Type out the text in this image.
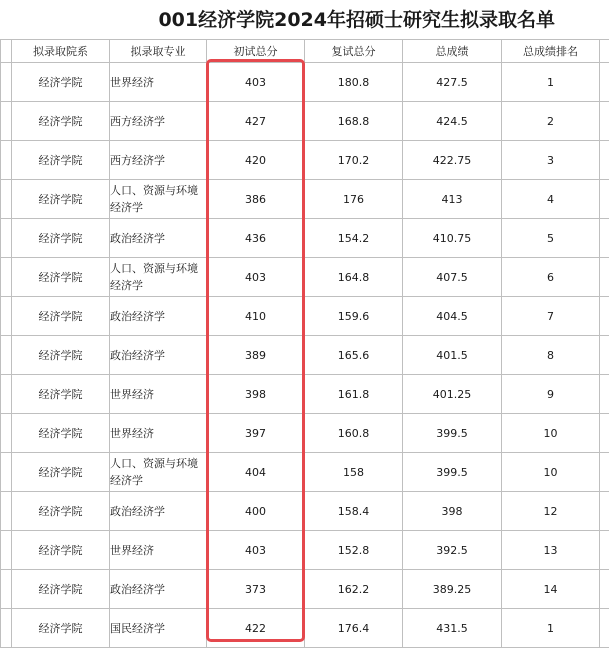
001经济学院2024年招硕士研究生拟录取名单
	拟录取院系	拟录取专业	初试总分	复试总分	总成绩	总成绩排名	
	经济学院	世界经济	403	180.8	427.5	1	
	经济学院	西方经济学	427	168.8	424.5	2	
	经济学院	西方经济学	420	170.2	422.75	3	
	经济学院	人口、资源与环境经济学	386	176	413	4	
	经济学院	政治经济学	436	154.2	410.75	5	
	经济学院	人口、资源与环境经济学	403	164.8	407.5	6	
	经济学院	政治经济学	410	159.6	404.5	7	
	经济学院	政治经济学	389	165.6	401.5	8	
	经济学院	世界经济	398	161.8	401.25	9	
	经济学院	世界经济	397	160.8	399.5	10	
	经济学院	人口、资源与环境经济学	404	158	399.5	10	
	经济学院	政治经济学	400	158.4	398	12	
	经济学院	世界经济	403	152.8	392.5	13	
	经济学院	政治经济学	373	162.2	389.25	14	
	经济学院	国民经济学	422	176.4	431.5	1	
